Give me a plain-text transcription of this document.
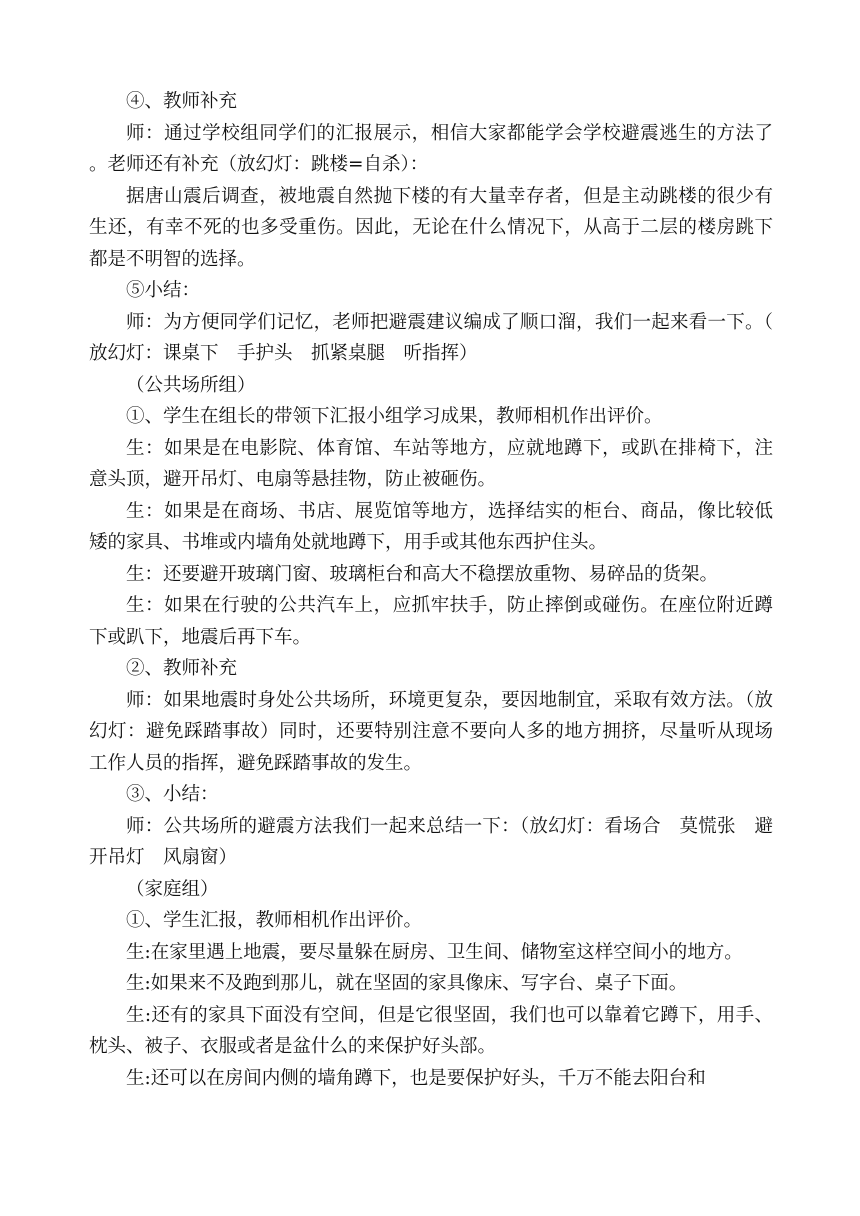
④、教师补充

师：通过学校组同学们的汇报展示，相信大家都能学会学校避震逃生的方法了。老师还有补充（放幻灯：跳楼=自杀）：

据唐山震后调查，被地震自然抛下楼的有大量幸存者，但是主动跳楼的很少有生还，有幸不死的也多受重伤。因此，无论在什么情况下，从高于二层的楼房跳下都是不明智的选择。

⑤小结：

师：为方便同学们记忆，老师把避震建议编成了顺口溜，我们一起来看一下。（放幻灯：课桌下　手护头　抓紧桌腿　听指挥）

（公共场所组）

①、学生在组长的带领下汇报小组学习成果，教师相机作出评价。

生：如果是在电影院、体育馆、车站等地方，应就地蹲下，或趴在排椅下，注意头顶，避开吊灯、电扇等悬挂物，防止被砸伤。

生：如果是在商场、书店、展览馆等地方，选择结实的柜台、商品，像比较低矮的家具、书堆或内墙角处就地蹲下，用手或其他东西护住头。

生：还要避开玻璃门窗、玻璃柜台和高大不稳摆放重物、易碎品的货架。

生：如果在行驶的公共汽车上，应抓牢扶手，防止摔倒或碰伤。在座位附近蹲下或趴下，地震后再下车。

②、教师补充

师：如果地震时身处公共场所，环境更复杂，要因地制宜，采取有效方法。（放幻灯：避免踩踏事故）同时，还要特别注意不要向人多的地方拥挤，尽量听从现场工作人员的指挥，避免踩踏事故的发生。

③、小结：

师：公共场所的避震方法我们一起来总结一下：（放幻灯：看场合　莫慌张　避开吊灯　风扇窗）

（家庭组）

①、学生汇报，教师相机作出评价。

生:在家里遇上地震，要尽量躲在厨房、卫生间、储物室这样空间小的地方。

生:如果来不及跑到那儿，就在坚固的家具像床、写字台、桌子下面。

生:还有的家具下面没有空间，但是它很坚固，我们也可以靠着它蹲下，用手、枕头、被子、衣服或者是盆什么的来保护好头部。

生:还可以在房间内侧的墙角蹲下，也是要保护好头，千万不能去阳台和
